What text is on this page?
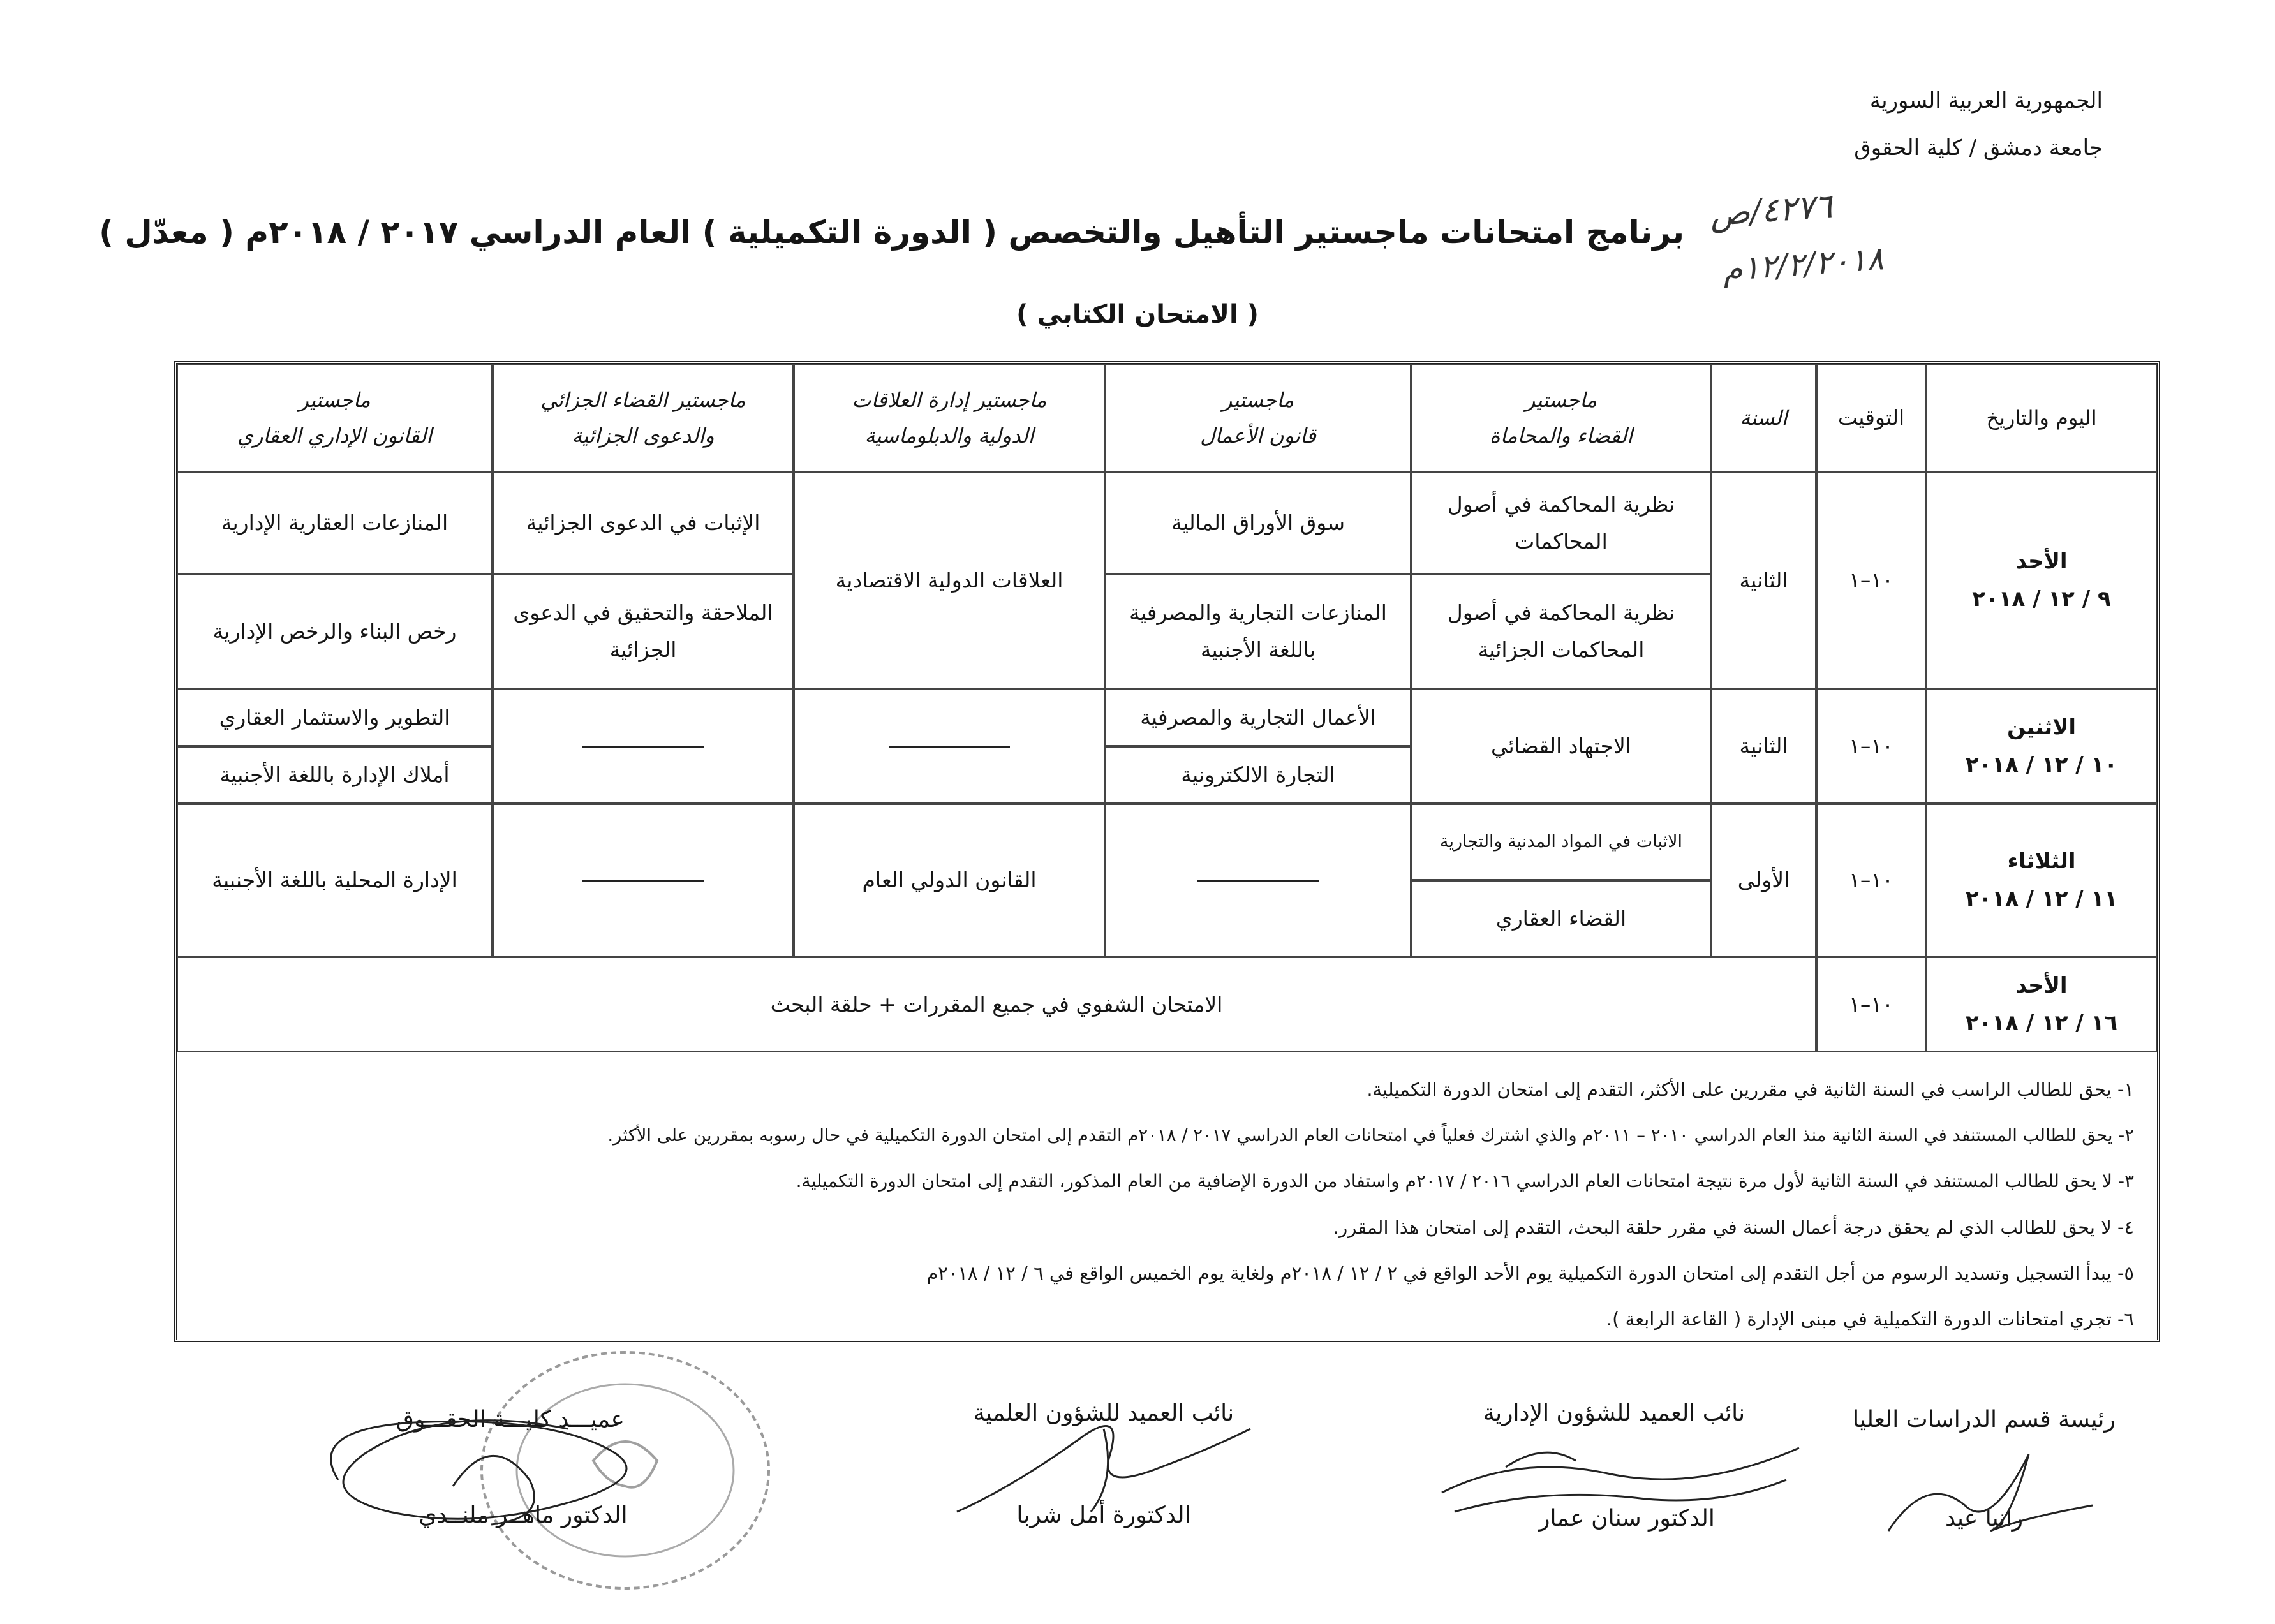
الجمهورية العربية السورية
جامعة دمشق / كلية الحقوق
٤٢٧٦/ص
١٢/٢/٢٠١٨م
برنامج امتحانات ماجستير التأهيل والتخصص ( الدورة التكميلية ) العام الدراسي ٢٠١٧ / ٢٠١٨م ( معدّل )
( الامتحان الكتابي )
اليوم والتاريخ
التوقيت
السنة
ماجستير
القضاء والمحاماة
ماجستير
قانون الأعمال
ماجستير إدارة العلاقات
الدولية والدبلوماسية
ماجستير القضاء الجزائي
والدعوى الجزائية
ماجستير
القانون الإداري العقاري
الأحد
٩ / ١٢ / ٢٠١٨
١٠–١
الثانية
نظرية المحاكمة في أصول المحاكمات
نظرية المحاكمة في أصول المحاكمات الجزائية
سوق الأوراق المالية
المنازعات التجارية والمصرفية باللغة الأجنبية
العلاقات الدولية الاقتصادية
الإثبات في الدعوى الجزائية
الملاحقة والتحقيق في الدعوى الجزائية
المنازعات العقارية الإدارية
رخص البناء والرخص الإدارية
الاثنين
١٠ / ١٢ / ٢٠١٨
١٠–١
الثانية
الاجتهاد القضائي
الأعمال التجارية والمصرفية
التجارة الالكترونية
التطوير والاستثمار العقاري
أملاك الإدارة باللغة الأجنبية
الثلاثاء
١١ / ١٢ / ٢٠١٨
١٠–١
الأولى
الاثبات في المواد المدنية والتجارية
القضاء العقاري
القانون الدولي العام
الإدارة المحلية باللغة الأجنبية
الأحد
١٦ / ١٢ / ٢٠١٨
١٠–١
الامتحان الشفوي في جميع المقررات + حلقة البحث
١- يحق للطالب الراسب في السنة الثانية في مقررين على الأكثر، التقدم إلى امتحان الدورة التكميلية.
٢- يحق للطالب المستنفد في السنة الثانية منذ العام الدراسي ٢٠١٠ – ٢٠١١م والذي اشترك فعلياً في امتحانات العام الدراسي ٢٠١٧ / ٢٠١٨م التقدم إلى امتحان الدورة التكميلية في حال رسوبه بمقررين على الأكثر.
٣- لا يحق للطالب المستنفد في السنة الثانية لأول مرة نتيجة امتحانات العام الدراسي ٢٠١٦ / ٢٠١٧م واستفاد من الدورة الإضافية من العام المذكور، التقدم إلى امتحان الدورة التكميلية.
٤- لا يحق للطالب الذي لم يحقق درجة أعمال السنة في مقرر حلقة البحث، التقدم إلى امتحان هذا المقرر.
٥- يبدأ التسجيل وتسديد الرسوم من أجل التقدم إلى امتحان الدورة التكميلية يوم الأحد الواقع في ٢ / ١٢ / ٢٠١٨م ولغاية يوم الخميس الواقع في ٦ / ١٢ / ٢٠١٨م
٦- تجري امتحانات الدورة التكميلية في مبنى الإدارة ( القاعة الرابعة ).
رئيسة قسم الدراسات العليا
رانيا عيد
نائب العميد للشؤون الإدارية
الدكتور سنان عمار
نائب العميد للشؤون العلمية
الدكتورة أمل شربا
عميـــد كليـــة الحقـــوق
الدكتور ماهــر ملنــدي
